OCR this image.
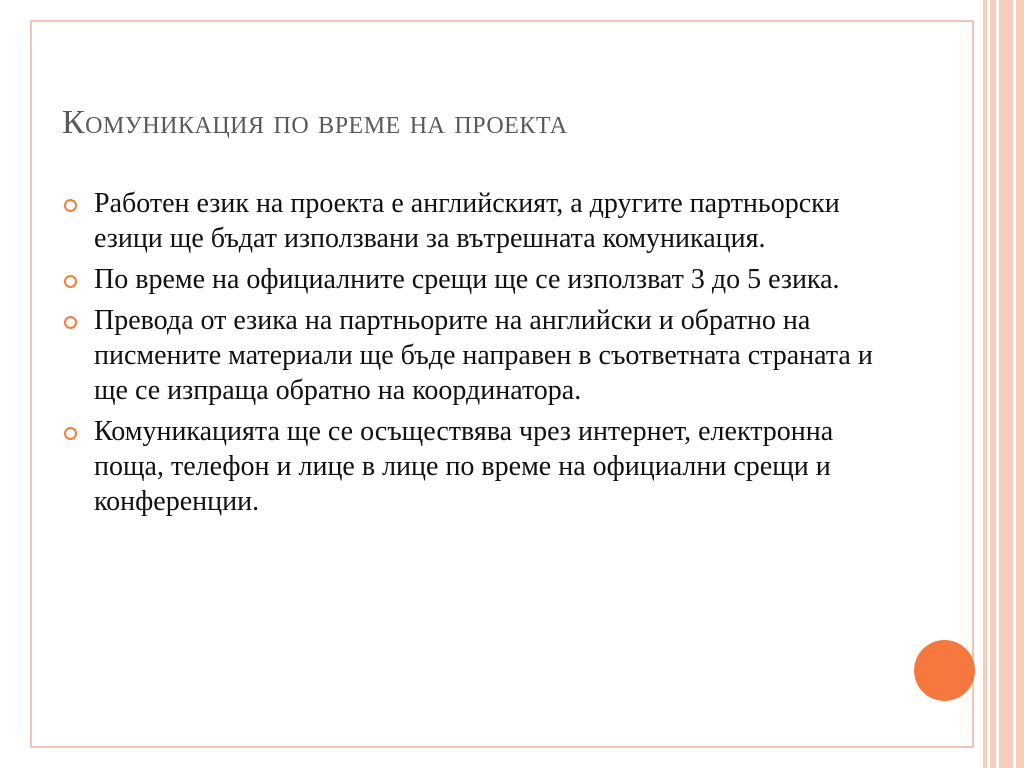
Комуникация по време на проекта
Работен език на проекта е английският, а другите партньорски езици ще бъдат използвани за вътрешната комуникация.
По време на официалните срещи ще се използват 3 до 5 езика.
Превода от езика на партньорите на английски и обратно на писмените материали ще бъде направен в съответната страната и ще се изпраща обратно на координатора.
Комуникацията ще се осъществява чрез интернет, електронна поща, телефон и лице в лице по време на официални срещи и конференции.
